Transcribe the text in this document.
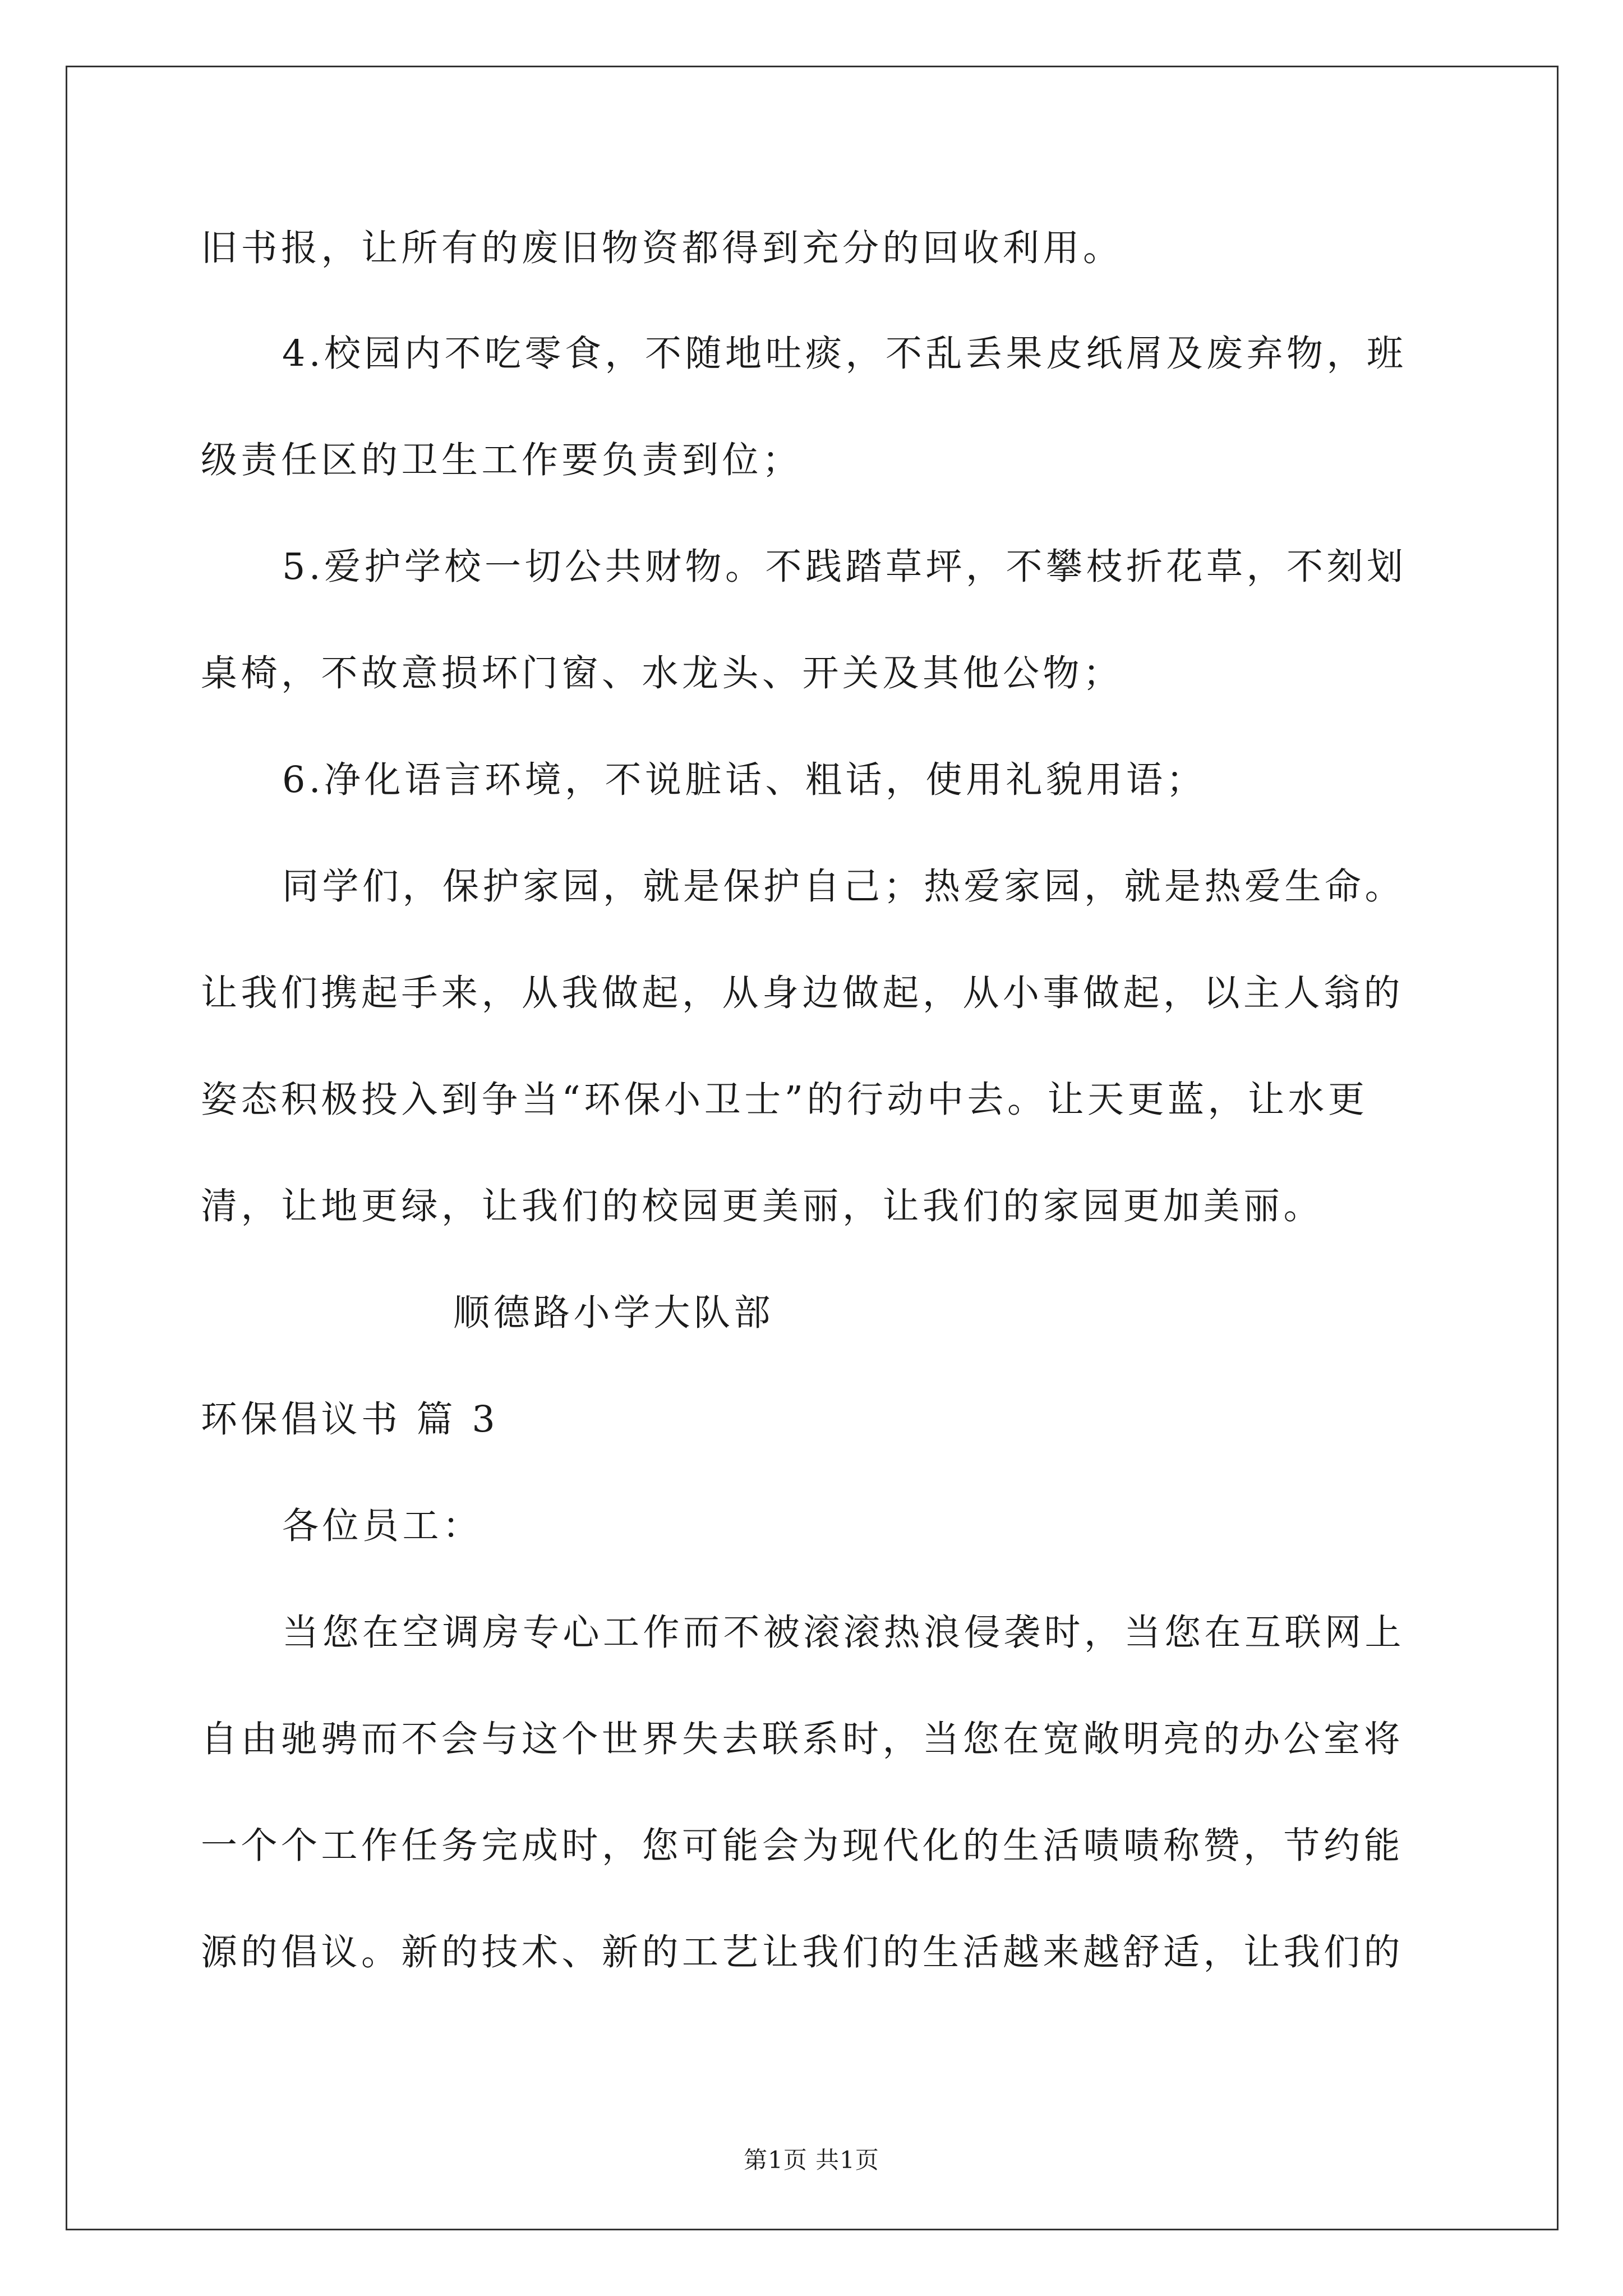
旧书报，让所有的废旧物资都得到充分的回收利用。
4.校园内不吃零食，不随地吐痰，不乱丢果皮纸屑及废弃物，班
级责任区的卫生工作要负责到位；
5.爱护学校一切公共财物。不践踏草坪，不攀枝折花草，不刻划
桌椅，不故意损坏门窗、水龙头、开关及其他公物；
6.净化语言环境，不说脏话、粗话，使用礼貌用语；
同学们，保护家园，就是保护自己；热爱家园，就是热爱生命。
让我们携起手来，从我做起，从身边做起，从小事做起，以主人翁的
姿态积极投入到争当“环保小卫士”的行动中去。让天更蓝，让水更
清，让地更绿，让我们的校园更美丽，让我们的家园更加美丽。
顺德路小学大队部
环保倡议书 篇 3
各位员工：
当您在空调房专心工作而不被滚滚热浪侵袭时，当您在互联网上
自由驰骋而不会与这个世界失去联系时，当您在宽敞明亮的办公室将
一个个工作任务完成时，您可能会为现代化的生活啧啧称赞，节约能
源的倡议。新的技术、新的工艺让我们的生活越来越舒适，让我们的
第1页 共1页
